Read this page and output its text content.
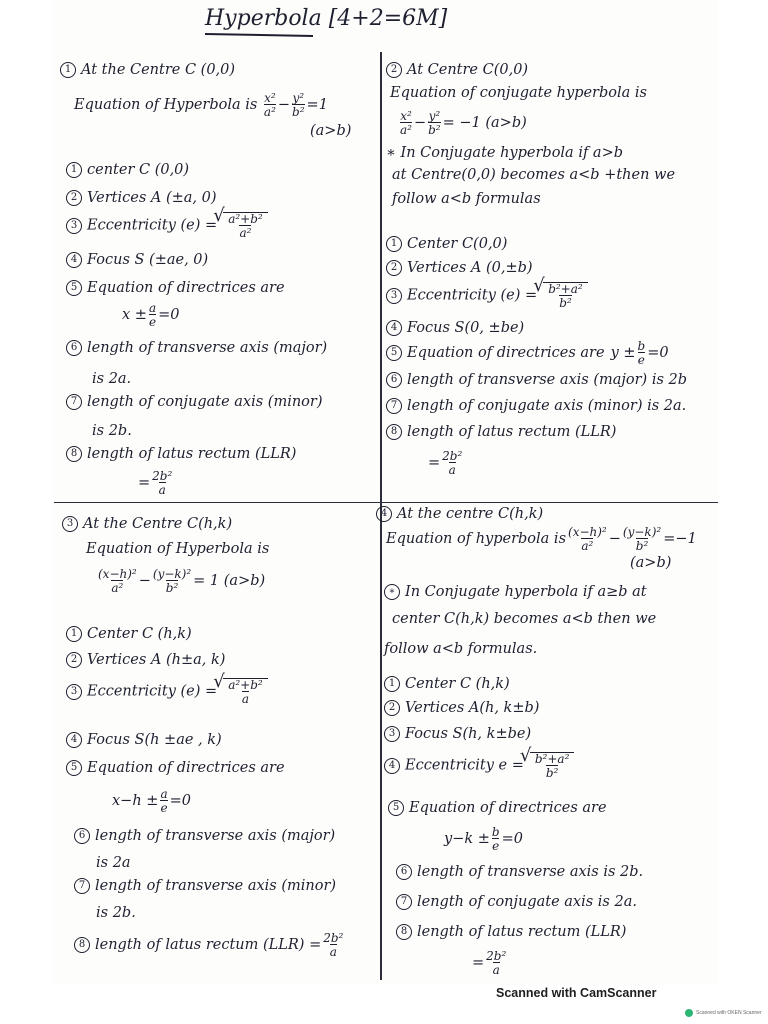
Hyperbola [4+2=6M]
1 At the Centre C (0,0)
Equation of Hyperbola is $\frac{\text{x²}}{\text{a²}} - \frac{\text{y²}}{\text{b²}} =1$
(a>b)
1 center C (0,0)
2 Vertices A (±a, 0)
3 Eccentricity (e) = √ $\frac{\text{a²+b²}}{\text{a²}}$
4 Focus S (±ae, 0)
5 Equation of directrices are
$x \pm \frac{a}{e} =0$
6 length of transverse axis (major)
is 2a.
7 length of conjugate axis (minor)
is 2b.
8 length of latus rectum (LLR)
= $\frac{\text{2b²}}{a}$
2 At Centre C(0,0)
Equation of conjugate hyperbola is
$\frac{\text{x²}}{\text{a²}} - \frac{\text{y²}}{\text{b²}} = -1$ (a>b)
∗ In Conjugate hyperbola if a>b
at Centre(0,0) becomes a<b +then we
follow a<b formulas
1 Center C(0,0)
2 Vertices A (0,±b)
3 Eccentricity (e) = √ $\frac{\text{b²+a²}}{\text{b²}}$
4 Focus S(0, ±be)
5 Equation of directrices are $y \pm \frac{b}{e} =0$
6 length of transverse axis (major) is 2b
7 length of conjugate axis (minor) is 2a.
8 length of latus rectum (LLR)
= $\frac{\text{2b²}}{a}$
3 At the Centre C(h,k)
Equation of Hyperbola is
$\frac{\text{(x−h)²}}{\text{a²}} - \frac{\text{(y−k)²}}{\text{b²}} = 1$ (a>b)
1 Center C (h,k)
2 Vertices A (h±a, k)
3 Eccentricity (e) = √ $\frac{\text{a²+b²}}{a}$
4 Focus S(h ±ae , k)
5 Equation of directrices are
$x-h \pm \frac{a}{e} =0$
6 length of transverse axis (major)
is 2a
7 length of transverse axis (minor)
is 2b.
8 length of latus rectum $(LLR) = \frac{\text{2b²}}{a}$
4 At the centre C(h,k)
Equation of hyperbola is $\frac{\text{(x−h)²}}{\text{a²}} - \frac{\text{(y−k)²}}{\text{b²}} =-1$
(a>b)
∗ In Conjugate hyperbola if a≥b at
center C(h,k) becomes a<b then we
follow a<b formulas.
1 Center C (h,k)
2 Vertices A(h, k±b)
3 Focus S(h, k±be)
4 Eccentricity e = √ $\frac{\text{b²+a²}}{\text{b²}}$
5 Equation of directrices are
$y-k \pm \frac{b}{e} =0$
6 length of transverse axis is 2b.
7 length of conjugate axis is 2a.
8 length of latus rectum (LLR)
= $\frac{\text{2b²}}{a}$
Scanned with CamScanner
Scanned with OKEN Scanner
